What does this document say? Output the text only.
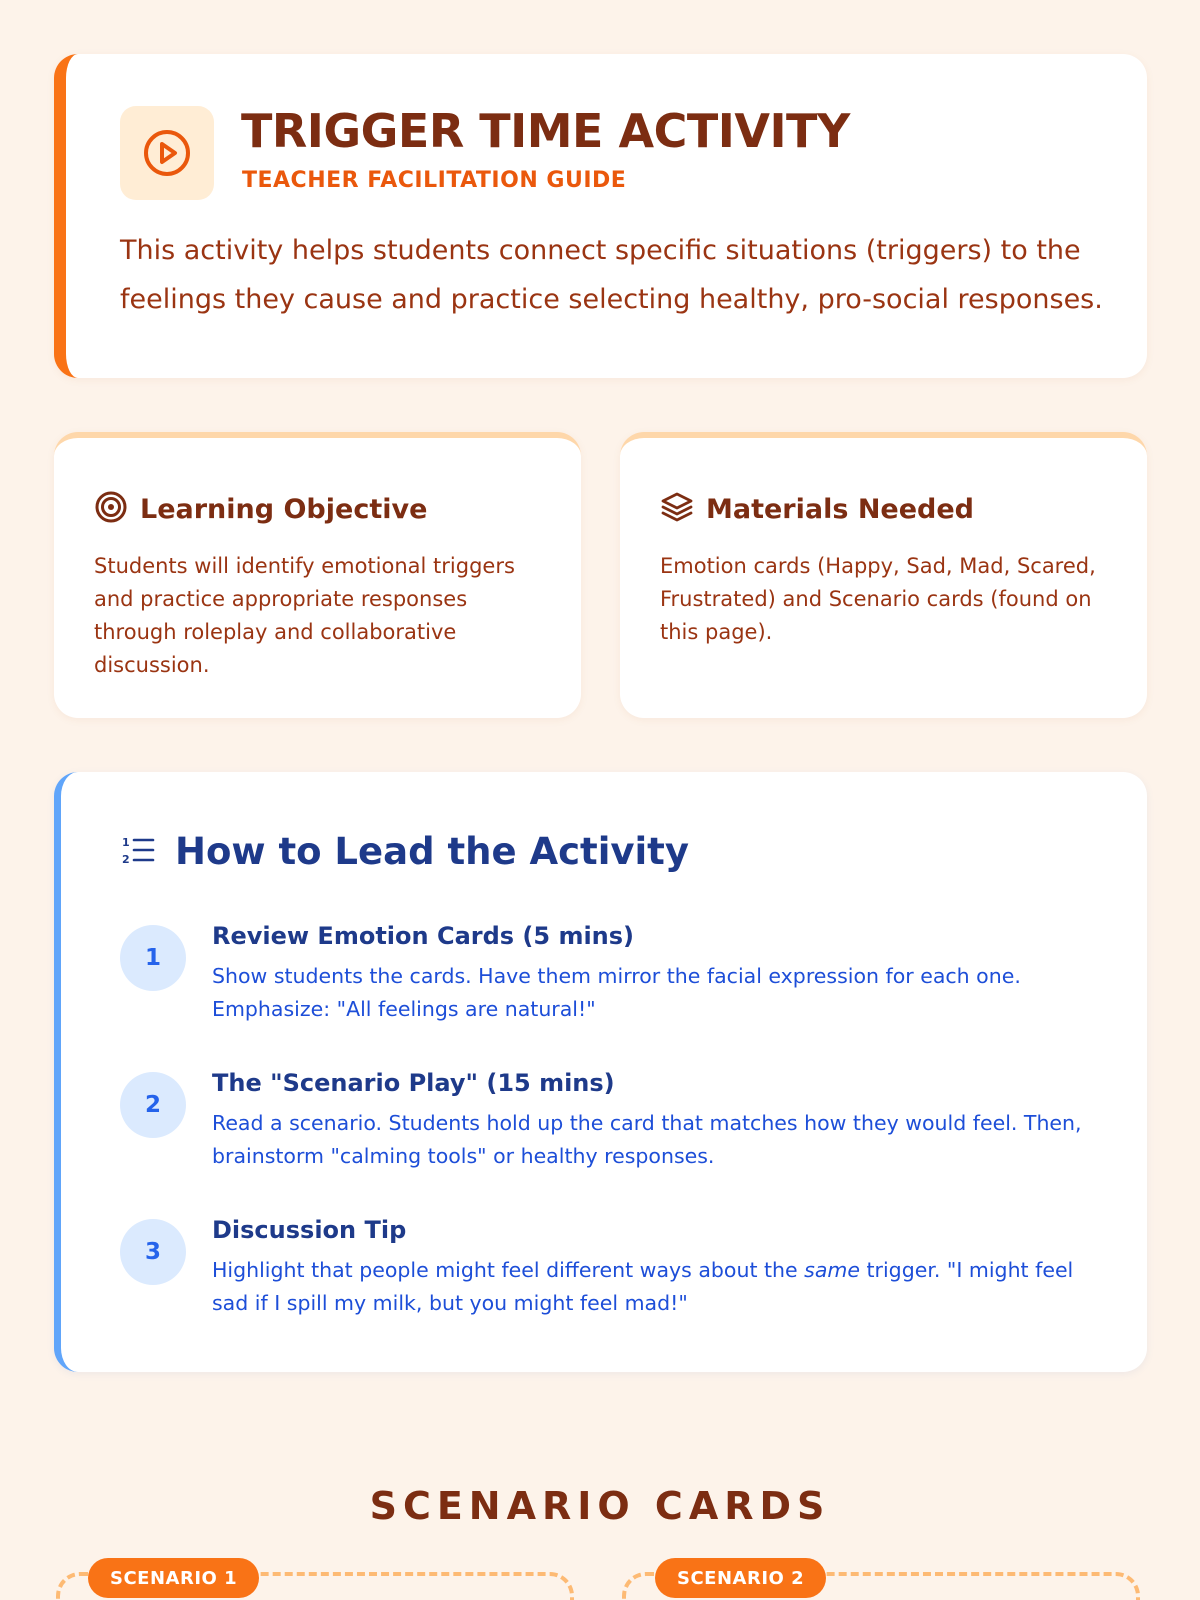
TRIGGER TIME ACTIVITY
TEACHER FACILITATION GUIDE
This activity helps students connect specific situations (triggers) to the feelings they cause and practice selecting healthy, pro-social responses.
Learning Objective
Students will identify emotional triggers and practice appropriate responses through roleplay and collaborative discussion.
Materials Needed
Emotion cards (Happy, Sad, Mad, Scared, Frustrated) and Scenario cards (found on this page).
1
2 How to Lead the Activity
1
Review Emotion Cards (5 mins)
Show students the cards. Have them mirror the facial expression for each one. Emphasize: "All feelings are natural!"
2
The "Scenario Play" (15 mins)
Read a scenario. Students hold up the card that matches how they would feel. Then, brainstorm "calming tools" or healthy responses.
3
Discussion Tip
Highlight that people might feel different ways about the same trigger. "I might feel sad if I spill my milk, but you might feel mad!"
SCENARIO CARDS
SCENARIO 1	SCENARIO 2
